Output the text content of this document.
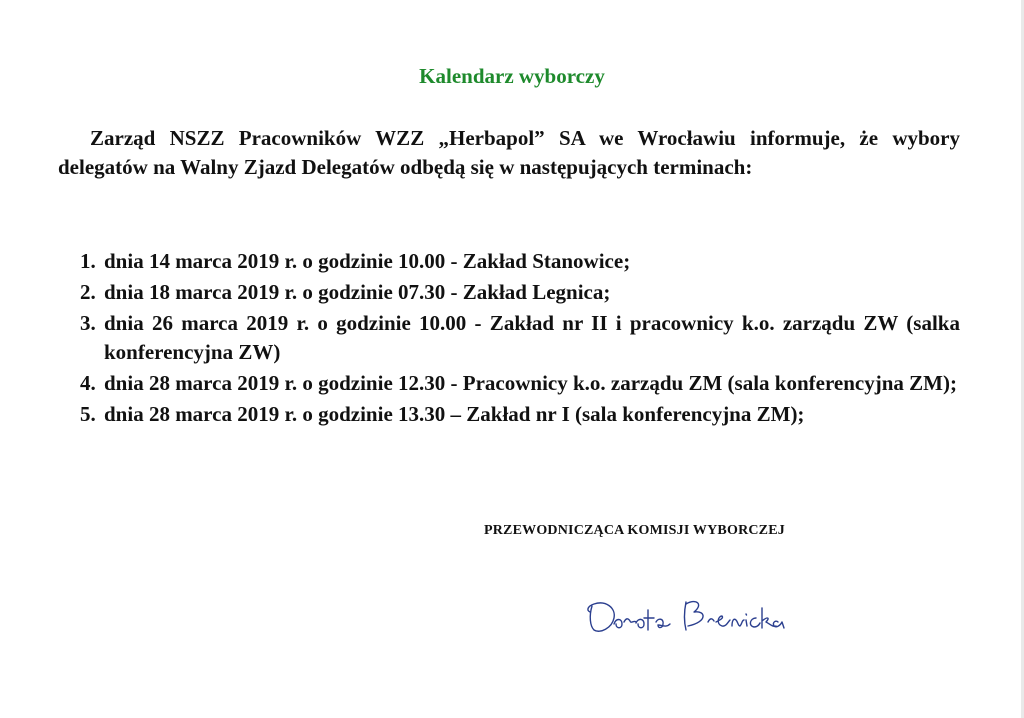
Kalendarz wyborczy

Zarząd NSZZ Pracowników WZZ „Herbapol” SA we Wrocławiu informuje, że wybory delegatów na Walny Zjazd Delegatów odbędą się w następujących terminach:

1. dnia 14 marca 2019 r. o godzinie 10.00 - Zakład Stanowice;
2. dnia 18 marca 2019 r. o godzinie 07.30 - Zakład Legnica;
3. dnia 26 marca 2019 r. o godzinie 10.00 - Zakład nr II i pracownicy k.o. zarządu ZW (salka konferencyjna ZW)
4. dnia 28 marca 2019 r. o godzinie 12.30 - Pracownicy k.o. zarządu ZM (sala konferencyjna ZM);
5. dnia 28 marca 2019 r. o godzinie 13.30 – Zakład nr I (sala konferencyjna ZM);
PRZEWODNICZĄCA KOMISJI WYBORCZEJ
